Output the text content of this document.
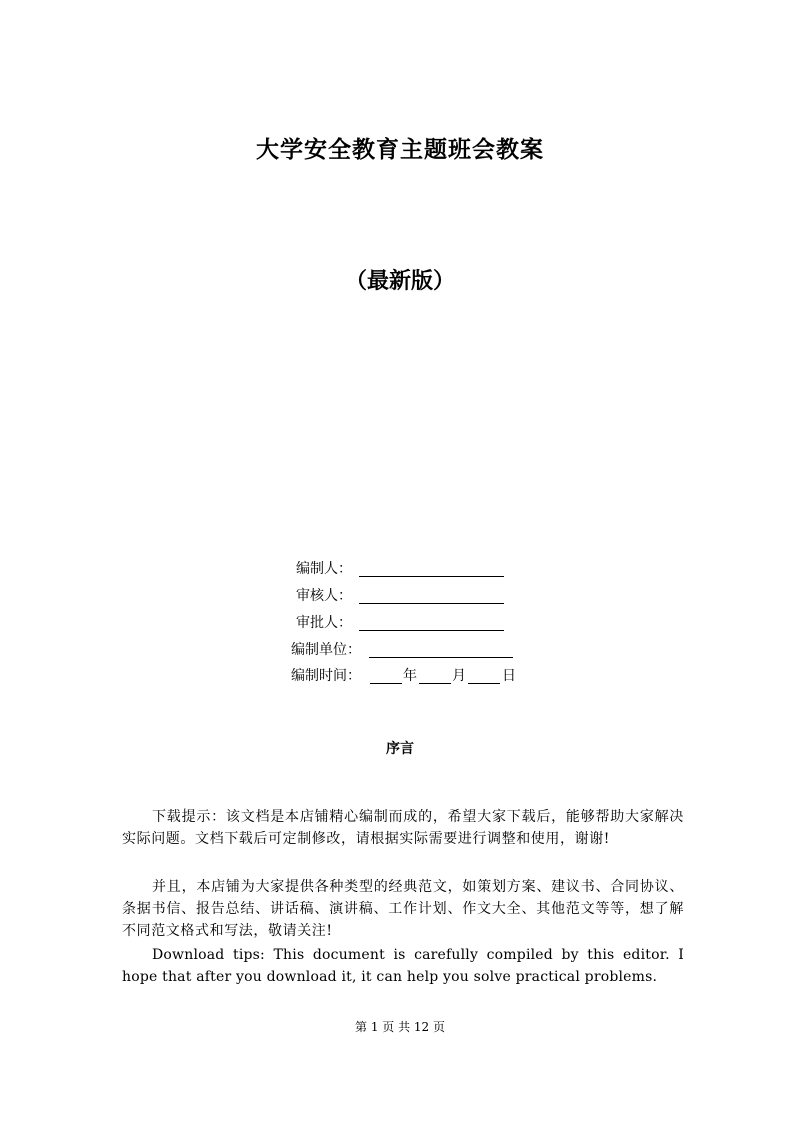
大学安全教育主题班会教案
（最新版）
编制人：
审核人：
审批人：
编制单位：
编制时间：	年	月	日
序言
下载提示：该文档是本店铺精心编制而成的，希望大家下载后，能够帮助大家解决实际问题。文档下载后可定制修改，请根据实际需要进行调整和使用，谢谢!
并且，本店铺为大家提供各种类型的经典范文，如策划方案、建议书、合同协议、条据书信、报告总结、讲话稿、演讲稿、工作计划、作文大全、其他范文等等，想了解不同范文格式和写法，敬请关注!
Download tips: This document is carefully compiled by this editor. I hope that after you download it, it can help you solve practical problems.
第 1 页 共 12 页
